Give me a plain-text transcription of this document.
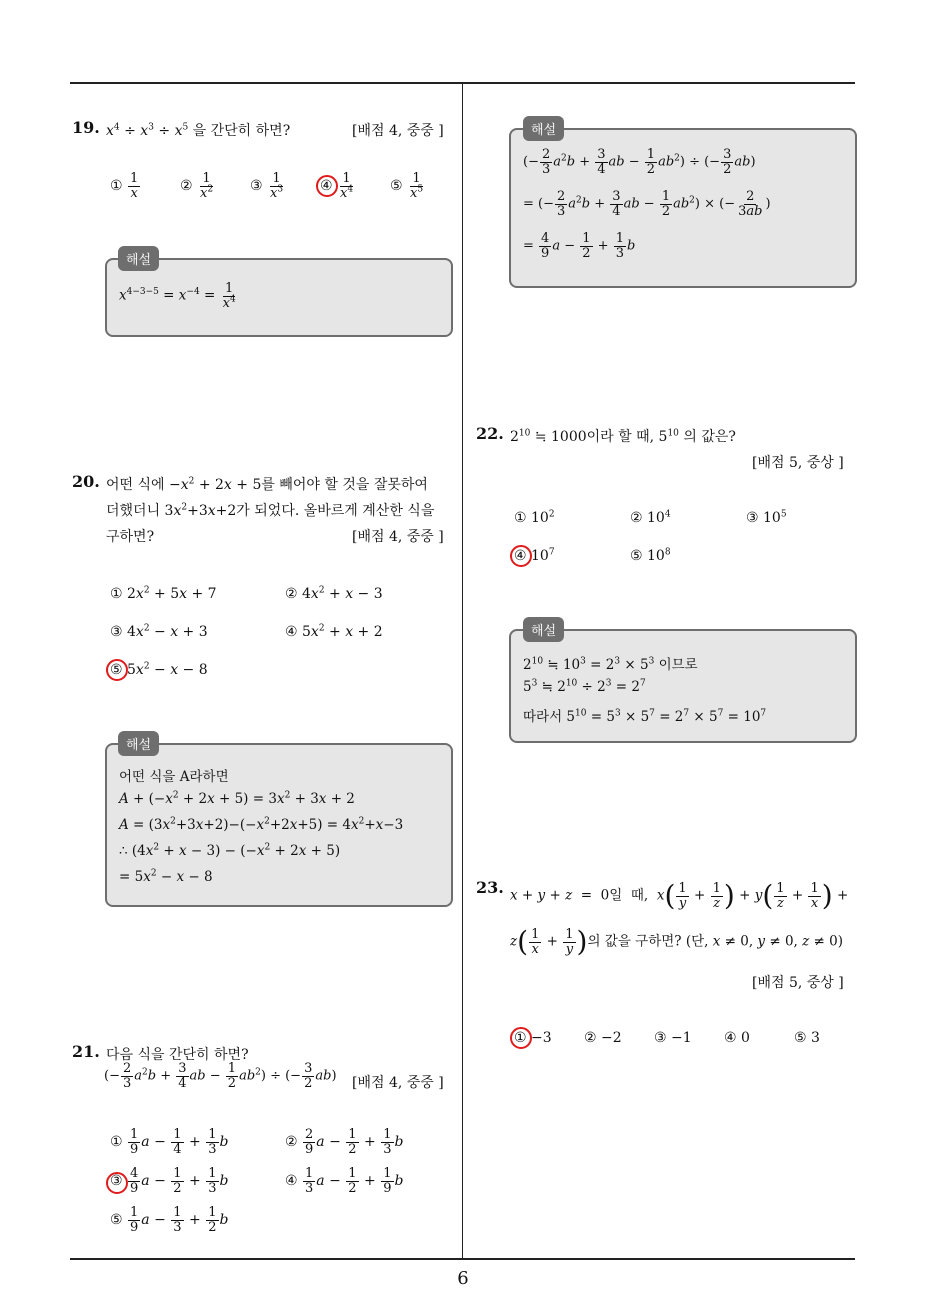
19. $x^4 \div x^3 \div x^5$ 을 간단히 하면?	[배점 4, 중중 ]
① $\frac{1}{x}$	② $\frac{1}{x^2}$ ③ $\frac{1}{x^3}$ ④ $\frac{1}{x^4}$ ⑤ $\frac{1}{x^5}$
$x^{4-3-5} = x^{-4} = \frac{1}{x^4}$
해설
20. 어떤 식에 $-x^2 + 2x + 5$를 빼어야 할 것을 잘못하여
더했더니 $3x^2+3x+2$가 되었다. 올바르게 계산한 식을
구하면?	[배점 4, 중중 ]
① $2x^2 + 5x + 7$	② $4x^2 + x - 3$
③ $4x^2 - x + 3$	④ $5x^2 + x + 2$
⑤ $5x^2 - x - 8$
어떤 식을 A라하면
$A + (-x^2 + 2x + 5) = 3x^2 + 3x + 2$
$A = (3x^2+3x+2)-(-x^2+2x+5) = 4x^2+x-3$
∴ $(4x^2 + x - 3) - (-x^2 + 2x + 5)$
= $5x^2 - x - 8$
해설
21. 다음 식을 간단히 하면?
(− $\frac{2}{3} a^2b + \frac{3}{4}$ ab − $\frac{1}{2} ab^2$) ÷ (− $\frac{3}{2} ab$) [배점 4, 중중 ]
① $\frac{1}{9}$ $a - \frac{1}{4} + \frac{1}{3}$ b	② $\frac{2}{9}$ $a - \frac{1}{2} + \frac{1}{3}$ b
③ $\frac{4}{9}$ $a - \frac{1}{2} + \frac{1}{3}$ b	④ $\frac{1}{3}$ $a - \frac{1}{2} + \frac{1}{9}$ b
⑤ $\frac{1}{9}$ $a - \frac{1}{3} + \frac{1}{2}$ b
(− $\frac{2}{3} a^2b + \frac{3}{4}$ ab − $\frac{1}{2} ab^2$) ÷ (− $\frac{3}{2} ab$)
= (− $\frac{2}{3} a^2b + \frac{3}{4}$ ab − $\frac{1}{2} ab^2$) × (− $\frac{2}{3ab}$ )
= $\frac{4}{9}$ $a - \frac{1}{2} + \frac{1}{3}$ b
해설
22. $2^{10}$ ≒ 1000이라 할 때, $5^{10}$ 의 값은?
[배점 5, 중상 ]
① $10^2$	② $10^4$	③ $10^5$
④ $10^7$	⑤ $10^8$
$2^{10}$ ≒ $10^3 = 2^3 \times 5^3$ 이므로
$5^3$ ≒ $2^{10} \div 2^3 = 2^7$
따라서 $5^{10} = 5^3 \times 5^7 = 2^7 \times 5^7 = 10^7$
해설
23. x + y + z  =  0일  때,  $x( \frac{1}{y} + \frac{1}{z}$ ) + $y( \frac{1}{z} + \frac{1}{x}$ ) +
$z( \frac{1}{x} + \frac{1}{y}$ )의 값을 구하면? (단, x ≠ 0, y ≠ 0, z ≠ 0)
[배점 5, 중상 ]
① −3 ② −2 ③ −1 ④ 0	⑤ 3
6
